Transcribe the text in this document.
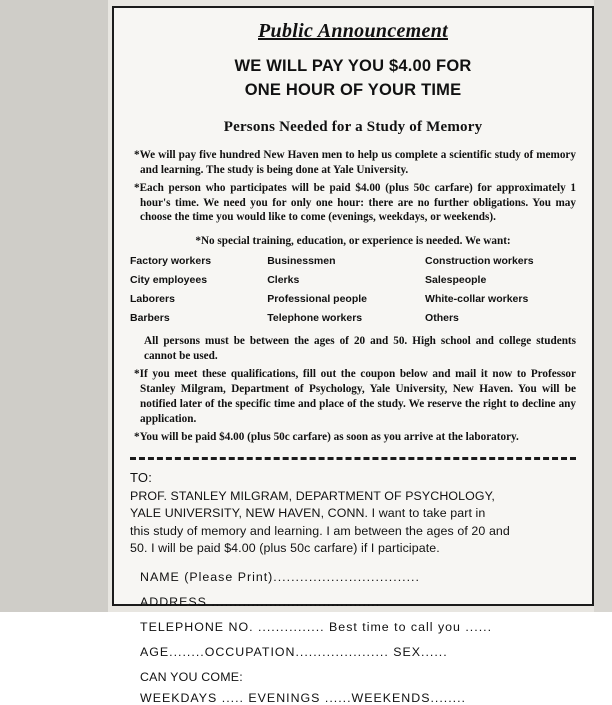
Public Announcement
WE WILL PAY YOU $4.00 FOR
ONE HOUR OF YOUR TIME
Persons Needed for a Study of Memory

*We will pay five hundred New Haven men to help us complete a scientific study of memory and learning. The study is being done at Yale University.

*Each person who participates will be paid $4.00 (plus 50c carfare) for approximately 1 hour's time. We need you for only one hour: there are no further obligations. You may choose the time you would like to come (evenings, weekdays, or weekends).

*No special training, education, or experience is needed. We want:
Factory workers	Businessmen	Construction workers
City employees	Clerks	Salespeople
Laborers	Professional people	White-collar workers
Barbers	Telephone workers	Others

All persons must be between the ages of 20 and 50. High school and college students cannot be used.

*If you meet these qualifications, fill out the coupon below and mail it now to Professor Stanley Milgram, Department of Psychology, Yale University, New Haven. You will be notified later of the specific time and place of the study. We reserve the right to decline any application.

*You will be paid $4.00 (plus 50c carfare) as soon as you arrive at the laboratory.

TO:
PROF. STANLEY MILGRAM, DEPARTMENT OF PSYCHOLOGY,
YALE UNIVERSITY, NEW HAVEN, CONN. I want to take part in
this study of memory and learning. I am between the ages of 20 and
50. I will be paid $4.00 (plus 50c carfare) if I participate.
NAME (Please Print).................................
ADDRESS ......................................
TELEPHONE NO. ............... Best time to call you ......
AGE........OCCUPATION..................... SEX......
CAN YOU COME:
WEEKDAYS ..... EVENINGS ......WEEKENDS........
